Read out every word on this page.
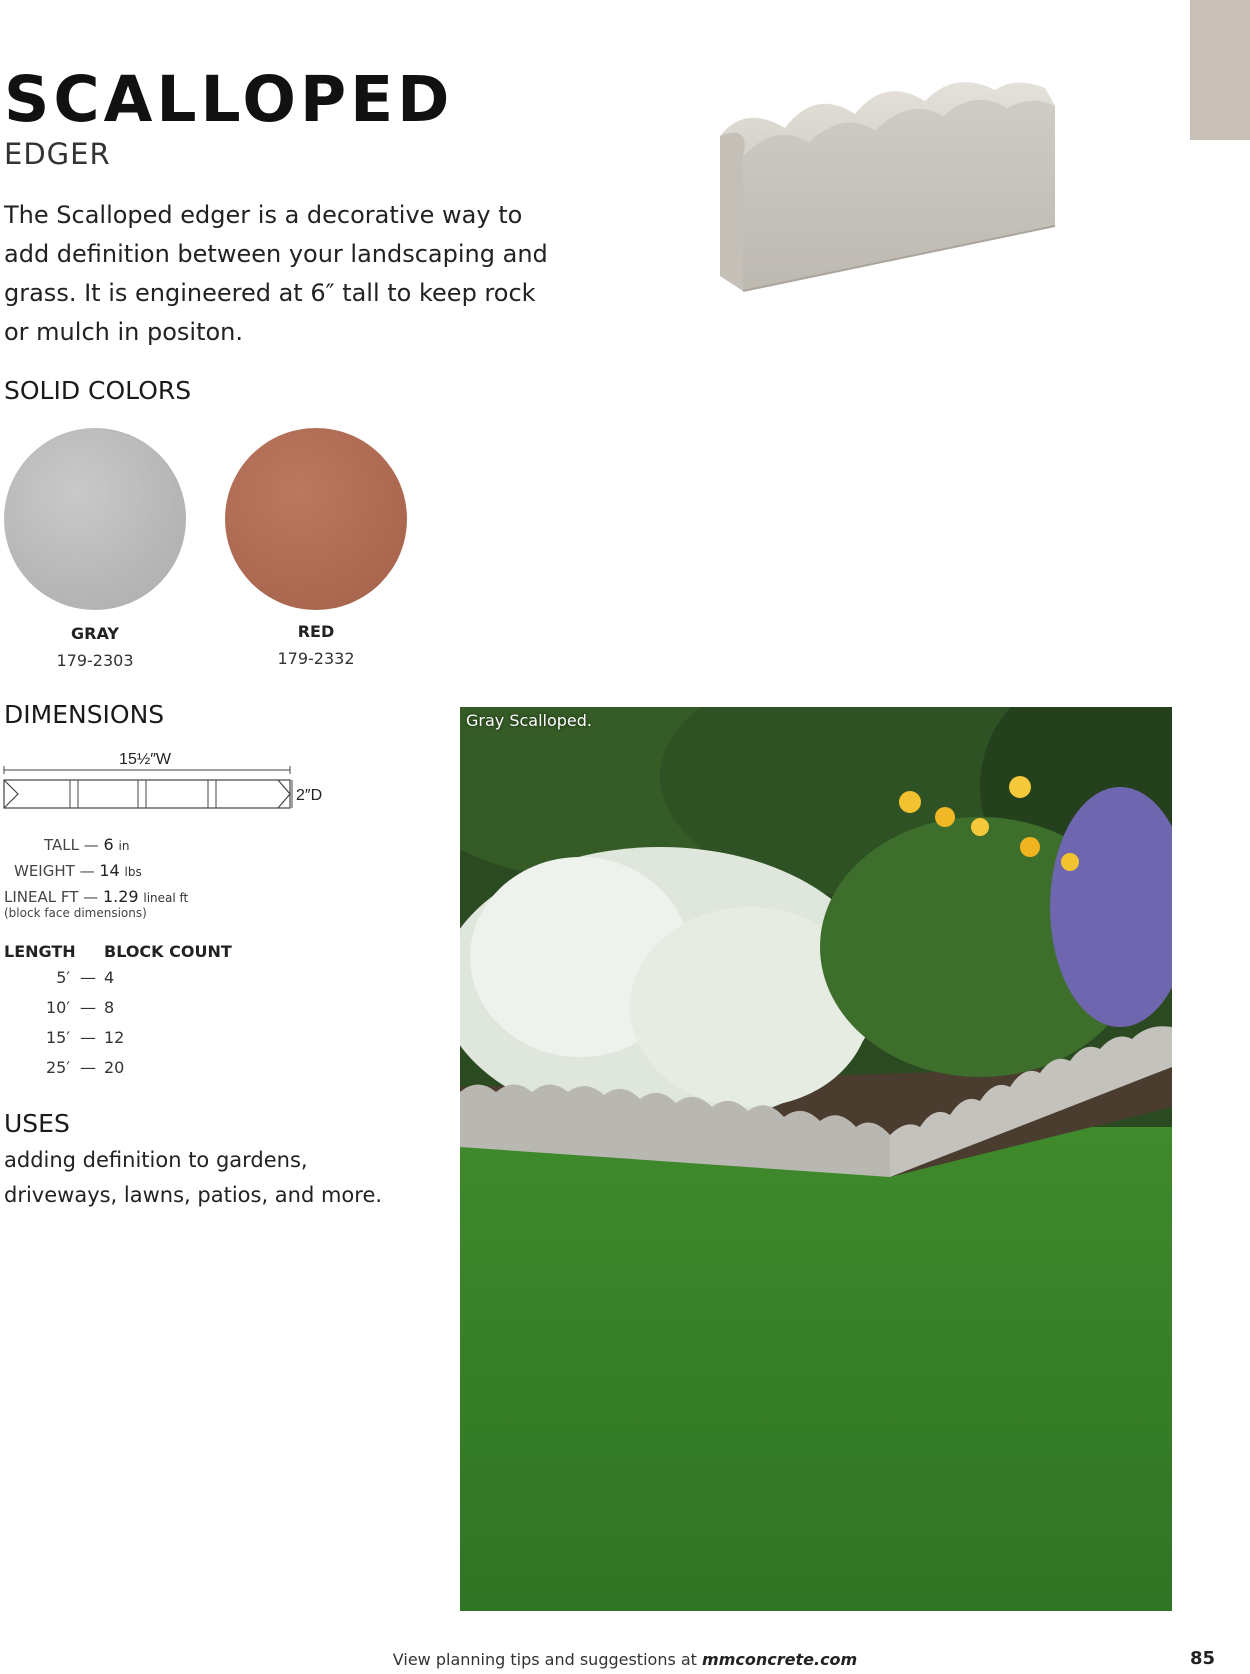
SCALLOPED
EDGER

The Scalloped edger is a decorative way to add definition between your landscaping and grass. It is engineered at 6″ tall to keep rock or mulch in positon.

SOLID COLORS
GRAY
179-2303
RED
179-2332
DIMENSIONS
15½″W
2″D
TALL — 6 in
WEIGHT — 14 lbs
LINEAL FT — 1.29 lineal ft
(block face dimensions)
LENGTH BLOCK COUNT
5′ — 4
10′ — 8
15′ — 12
25′ — 20
USES

adding definition to gardens, driveways, lawns, patios, and more.

Gray Scalloped.
View planning tips and suggestions at mmconcrete.com	85
